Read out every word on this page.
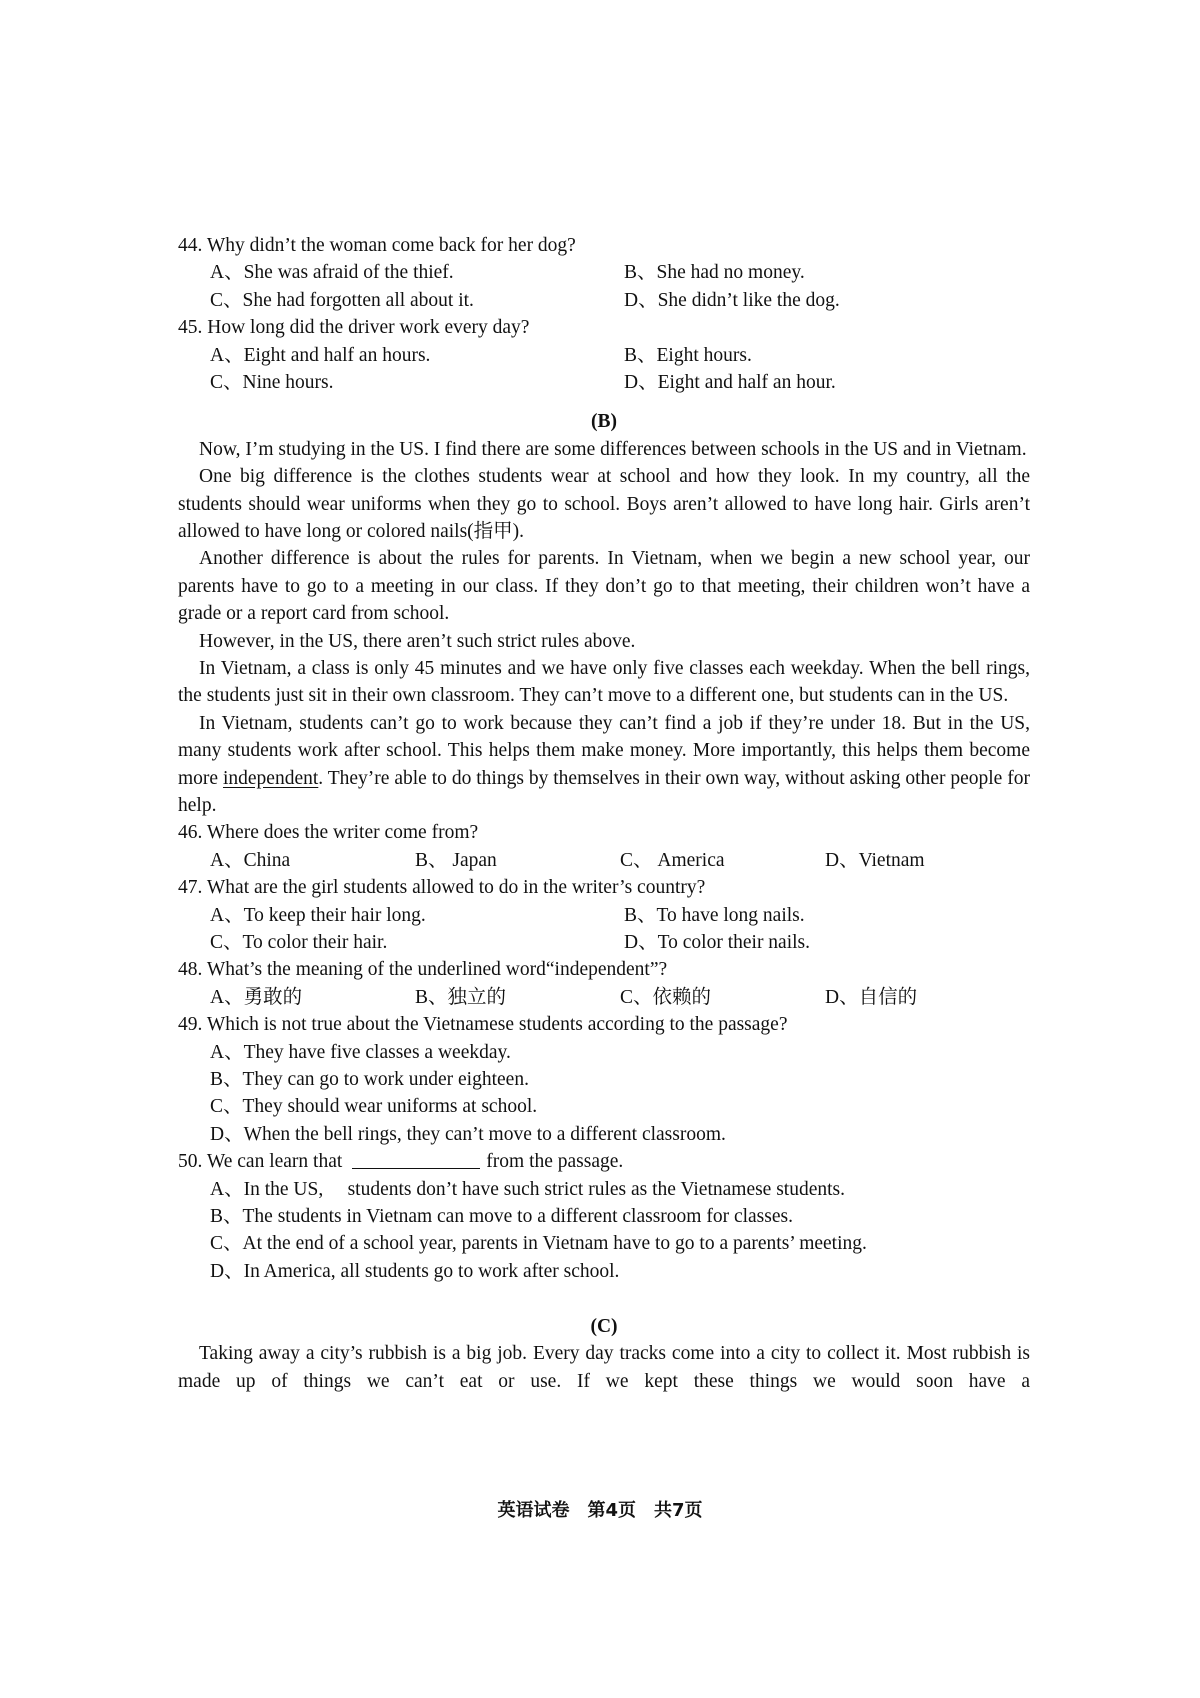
44. Why didn’t the woman come back for her dog?
A、She was afraid of the thief.	B、She had no money.
C、She had forgotten all about it.	D、She didn’t like the dog.
45. How long did the driver work every day?
A、Eight and half an hours.	B、Eight hours.
C、Nine hours.	D、Eight and half an hour.
(B)
Now, I’m studying in the US. I find there are some differences between schools in the US and in Vietnam.
One big difference is the clothes students wear at school and how they look. In my country, all the students should wear uniforms when they go to school. Boys aren’t allowed to have long hair. Girls aren’t allowed to have long or colored nails(指甲).
Another difference is about the rules for parents. In Vietnam, when we begin a new school year, our parents have to go to a meeting in our class. If they don’t go to that meeting, their children won’t have a grade or a report card from school.
However, in the US, there aren’t such strict rules above.
In Vietnam, a class is only 45 minutes and we have only five classes each weekday. When the bell rings, the students just sit in their own classroom. They can’t move to a different one, but students can in the US.
In Vietnam, students can’t go to work because they can’t find a job if they’re under 18. But in the US, many students work after school. This helps them make money. More importantly, this helps them become more independent. They’re able to do things by themselves in their own way, without asking other people for help.
46. Where does the writer come from?
A、China	B、 Japan	C、 America	D、Vietnam
47. What are the girl students allowed to do in the writer’s country?
A、To keep their hair long.	B、To have long nails.
C、To color their hair.	D、To color their nails.
48. What’s the meaning of the underlined word“independent”?
A、勇敢的	B、独立的	C、依赖的	D、自信的
49. Which is not true about the Vietnamese students according to the passage?
A、They have five classes a weekday.
B、They can go to work under eighteen.
C、They should wear uniforms at school.
D、When the bell rings, they can’t move to a different classroom.
50. We can learn that	from the passage.
A、In the US,　 students don’t have such strict rules as the Vietnamese students.
B、The students in Vietnam can move to a different classroom for classes.
C、At the end of a school year, parents in Vietnam have to go to a parents’ meeting.
D、In America, all students go to work after school.
(C)
Taking away a city’s rubbish is a big job. Every day tracks come into a city to collect it. Most rubbish is made up of things we can’t eat or use. If we kept these things we would soon have a
英语试卷　第4页　共7页
